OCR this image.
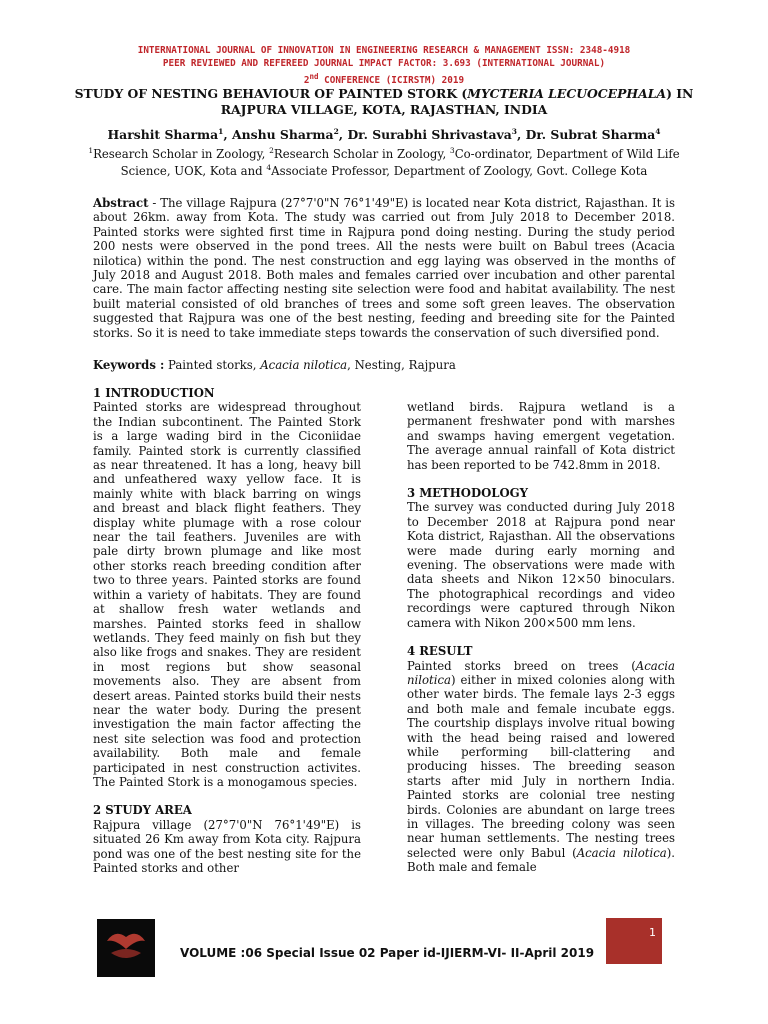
INTERNATIONAL JOURNAL OF INNOVATION IN ENGINEERING RESEARCH & MANAGEMENT ISSN: 2348-4918
PEER REVIEWED AND REFEREED JOURNAL IMPACT FACTOR: 3.693 (INTERNATIONAL JOURNAL)
2nd CONFERENCE (ICIRSTM) 2019
STUDY OF NESTING BEHAVIOUR OF PAINTED STORK (MYCTERIA LECUOCEPHALA) IN RAJPURA VILLAGE, KOTA, RAJASTHAN, INDIA
Harshit Sharma$^1$, Anshu Sharma$^2$, Dr. Surabhi Shrivastava$^3$, Dr. Subrat Sharma$^4$
$^1$Research Scholar in Zoology, $^2$Research Scholar in Zoology, $^3$Co-ordinator, Department of Wild Life Science, UOK, Kota and $^4$Associate Professor, Department of Zoology, Govt. College Kota
Abstract - The village Rajpura (27°7'0"N 76°1'49"E) is located near Kota district, Rajasthan. It is about 26km. away from Kota. The study was carried out from July 2018 to December 2018. Painted storks were sighted first time in Rajpura pond doing nesting. During the study period 200 nests were observed in the pond trees. All the nests were built on Babul trees (Acacia nilotica) within the pond. The nest construction and egg laying was observed in the months of July 2018 and August 2018. Both males and females carried over incubation and other parental care. The main factor affecting nesting site selection were food and habitat availability. The nest built material consisted of old branches of trees and some soft green leaves. The observation suggested that Rajpura was one of the best nesting, feeding and breeding site for the Painted storks. So it is need to take immediate steps towards the conservation of such diversified pond.
Keywords : Painted storks, Acacia nilotica, Nesting, Rajpura
1 INTRODUCTION

Painted storks are widespread throughout the Indian subcontinent. The Painted Stork is a large wading bird in the Ciconiidae family. Painted stork is currently classified as near threatened. It has a long, heavy bill and unfeathered waxy yellow face. It is mainly white with black barring on wings and breast and black flight feathers. They display white plumage with a rose colour near the tail feathers. Juveniles are with pale dirty brown plumage and like most other storks reach breeding condition after two to three years. Painted storks are found within a variety of habitats. They are found at shallow fresh water wetlands and marshes. Painted storks feed in shallow wetlands. They feed mainly on fish but they also like frogs and snakes. They are resident in most regions but show seasonal movements also. They are absent from desert areas. Painted storks build their nests near the water body. During the present investigation the main factor affecting the nest site selection was food and protection availability. Both male and female participated in nest construction activites. The Painted Stork is a monogamous species.

2 STUDY AREA

Rajpura village (27°7'0"N 76°1'49"E) is situated 26 Km away from Kota city. Rajpura pond was one of the best nesting site for the Painted storks and other

wetland birds. Rajpura wetland is a permanent freshwater pond with marshes and swamps having emergent vegetation. The average annual rainfall of Kota district has been reported to be 742.8mm in 2018.

3 METHODOLOGY

The survey was conducted during July 2018 to December 2018 at Rajpura pond near Kota district, Rajasthan. All the observations were made during early morning and evening. The observations were made with data sheets and Nikon 12×50 binoculars. The photographical recordings and video recordings were captured through Nikon camera with Nikon 200×500 mm lens.

4 RESULT

Painted storks breed on trees (Acacia nilotica) either in mixed colonies along with other water birds. The female lays 2-3 eggs and both male and female incubate eggs. The courtship displays involve ritual bowing with the head being raised and lowered while performing bill-clattering and producing hisses. The breeding season starts after mid July in northern India. Painted storks are colonial tree nesting birds. Colonies are abundant on large trees in villages. The breeding colony was seen near human settlements. The nesting trees selected were only Babul (Acacia nilotica). Both male and female

VOLUME :06 Special Issue 02 Paper id-IJIERM-VI- II-April 2019
1
